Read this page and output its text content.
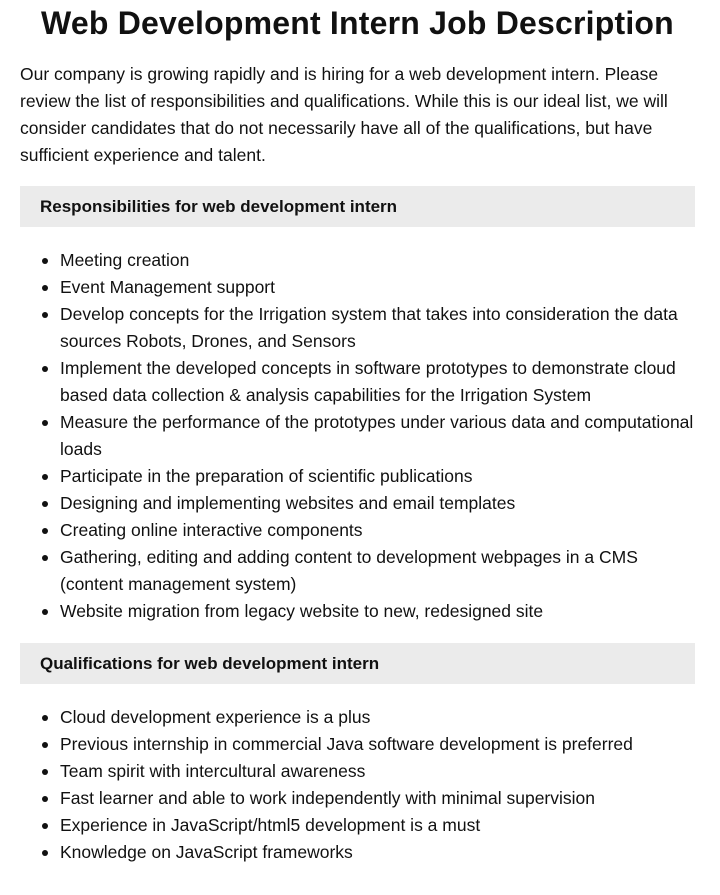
Web Development Intern Job Description

Our company is growing rapidly and is hiring for a web development intern. Please review the list of responsibilities and qualifications. While this is our ideal list, we will consider candidates that do not necessarily have all of the qualifications, but have sufficient experience and talent.

Responsibilities for web development intern
Meeting creation
Event Management support
Develop concepts for the Irrigation system that takes into consideration the data sources Robots, Drones, and Sensors
Implement the developed concepts in software prototypes to demonstrate cloud based data collection & analysis capabilities for the Irrigation System
Measure the performance of the prototypes under various data and computational loads
Participate in the preparation of scientific publications
Designing and implementing websites and email templates
Creating online interactive components
Gathering, editing and adding content to development webpages in a CMS (content management system)
Website migration from legacy website to new, redesigned site
Qualifications for web development intern
Cloud development experience is a plus
Previous internship in commercial Java software development is preferred
Team spirit with intercultural awareness
Fast learner and able to work independently with minimal supervision
Experience in JavaScript/html5 development is a must
Knowledge on JavaScript frameworks
